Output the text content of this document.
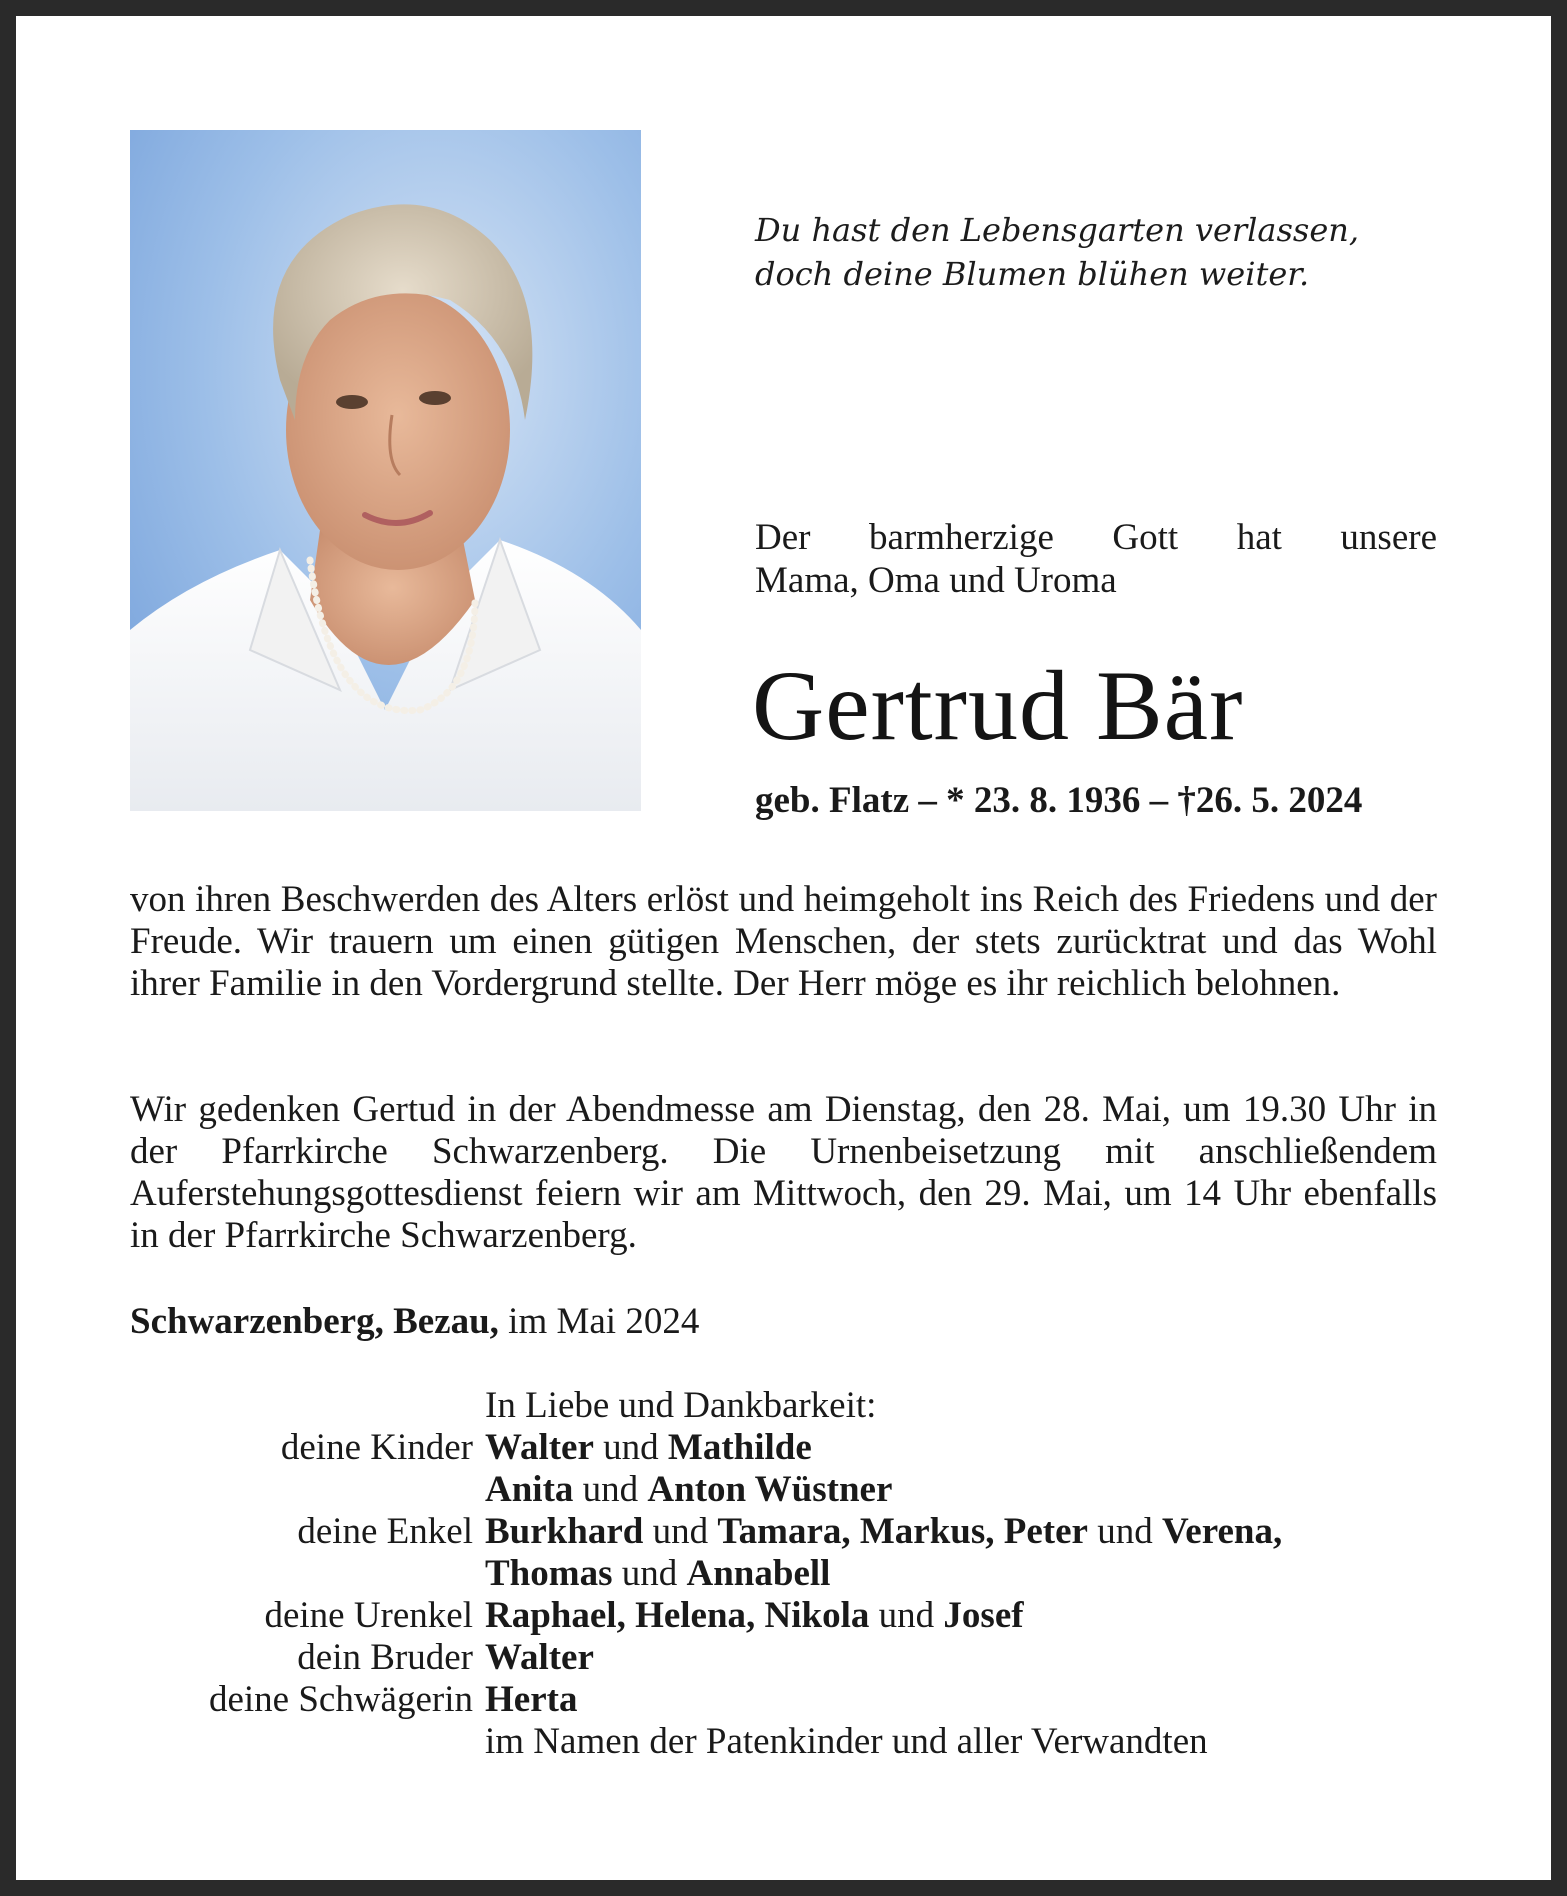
Du hast den Lebensgarten verlassen,
doch deine Blumen blühen weiter.
Der barmherzige Gott hat unsere
Mama, Oma und Uroma
Gertrud Bär
geb. Flatz – * 23. 8. 1936 – †26. 5. 2024
von ihren Beschwerden des Alters erlöst und heimgeholt ins Reich des Friedens und der Freude. Wir trauern um einen gütigen Menschen, der stets zurücktrat und das Wohl ihrer Familie in den Vordergrund stellte. Der Herr möge es ihr reichlich belohnen.
Wir gedenken Gertud in der Abendmesse am Dienstag, den 28. Mai, um 19.30 Uhr in der Pfarrkirche Schwarzenberg. Die Urnenbeisetzung mit anschließendem Auferstehungsgottesdienst feiern wir am Mittwoch, den 29. Mai, um 14 Uhr ebenfalls in der Pfarrkirche Schwarzenberg.
Schwarzenberg, Bezau, im Mai 2024
In Liebe und Dankbarkeit:
deine Kinder Walter und Mathilde
Anita und Anton Wüstner
deine Enkel Burkhard und Tamara, Markus, Peter und Verena,
Thomas und Annabell
deine Urenkel Raphael, Helena, Nikola und Josef
dein Bruder Walter
deine Schwägerin Herta
im Namen der Patenkinder und aller Verwandten
